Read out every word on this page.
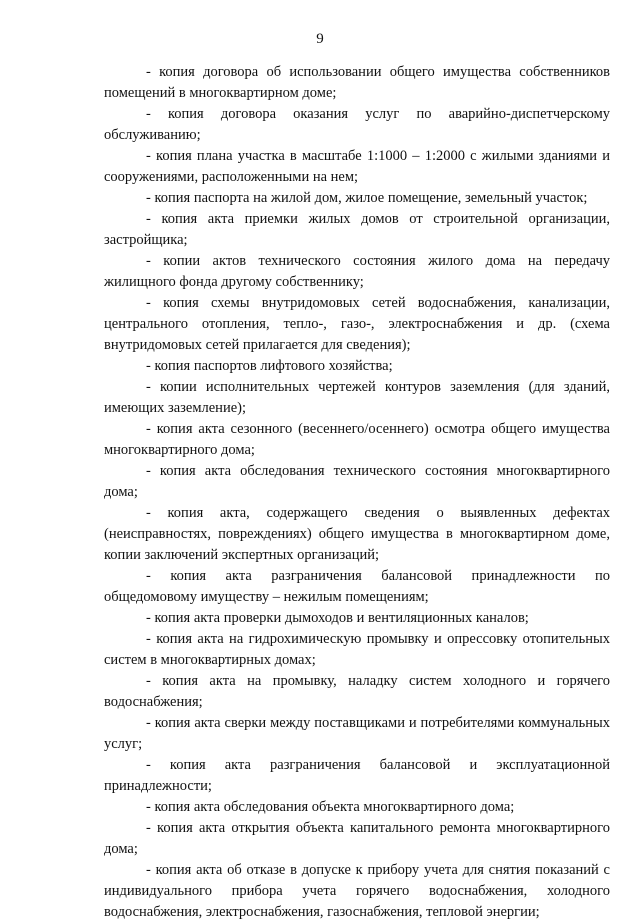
9

- копия договора об использовании общего имущества собственников помещений в многоквартирном доме;

- копия договора оказания услуг по аварийно-диспетчерскому обслуживанию;

- копия плана участка в масштабе 1:1000 – 1:2000 с жилыми зданиями и сооружениями, расположенными на нем;

- копия паспорта на жилой дом, жилое помещение, земельный участок;

- копия акта приемки жилых домов от строительной организации, застройщика;

- копии актов технического состояния жилого дома на передачу жилищного фонда другому собственнику;

- копия схемы внутридомовых сетей водоснабжения, канализации, центрального отопления, тепло-, газо-, электроснабжения и др. (схема внутридомовых сетей прилагается для сведения);

- копия паспортов лифтового хозяйства;

- копии исполнительных чертежей контуров заземления (для зданий, имеющих заземление);

- копия акта сезонного (весеннего/осеннего) осмотра общего имущества многоквартирного дома;

- копия акта обследования технического состояния многоквартирного дома;

- копия акта, содержащего сведения о выявленных дефектах (неисправностях, повреждениях) общего имущества в многоквартирном доме, копии заключений экспертных организаций;

- копия акта разграничения балансовой принадлежности по общедомовому имуществу – нежилым помещениям;

- копия акта проверки дымоходов и вентиляционных каналов;

- копия акта на гидрохимическую промывку и опрессовку отопительных систем в многоквартирных домах;

- копия акта на промывку, наладку систем холодного и горячего водоснабжения;

- копия акта сверки между поставщиками и потребителями коммунальных услуг;

- копия акта разграничения балансовой и эксплуатационной принадлежности;

- копия акта обследования объекта многоквартирного дома;

- копия акта открытия объекта капитального ремонта многоквартирного дома;

- копия акта об отказе в допуске к прибору учета для снятия показаний с индивидуального прибора учета горячего водоснабжения, холодного водоснабжения, электроснабжения, газоснабжения, тепловой энергии;
